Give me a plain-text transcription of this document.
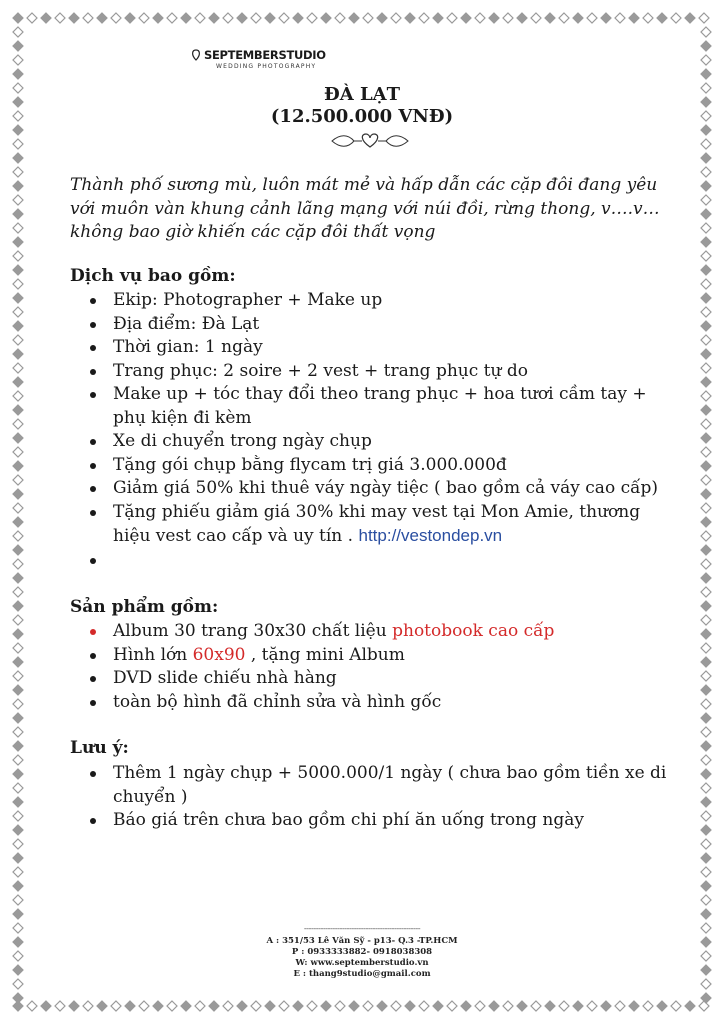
SEPTEMBERSTUDIO
WEDDING PHOTOGRAPHY
ĐÀ LẠT
(12.500.000 VNĐ)
Thành phố sương mù, luôn mát mẻ và hấp dẫn các cặp đôi đang yêu với muôn vàn khung cảnh lãng mạng với núi đồi, rừng thong, v….v… không bao giờ khiến các cặp đôi thất vọng
Dịch vụ bao gồm:
Ekip: Photographer + Make up
Địa điểm: Đà Lạt
Thời gian: 1 ngày
Trang phục: 2 soire + 2 vest + trang phục tự do
Make up + tóc thay đổi theo trang phục + hoa tươi cầm tay + phụ kiện đi kèm
Xe di chuyển trong ngày chụp
Tặng gói chụp bằng flycam trị giá 3.000.000đ
Giảm giá 50% khi thuê váy ngày tiệc ( bao gồm cả váy cao cấp)
Tặng phiếu giảm giá 30% khi may vest tại Mon Amie, thương hiệu vest cao cấp và uy tín . http://vestondep.vn

Sản phẩm gồm:
Album 30 trang 30x30 chất liệu photobook cao cấp
Hình lớn 60x90 , tặng mini Album
DVD slide chiếu nhà hàng
toàn bộ hình đã chỉnh sửa và hình gốc
Lưu ý:
Thêm 1 ngày chụp + 5000.000/1 ngày ( chưa bao gồm tiền xe di chuyển )
Báo giá trên chưa bao gồm chi phí ăn uống trong ngày
-------------------------------------------------
A : 351/53 Lê Văn Sỹ - p13- Q.3 -TP.HCM
P : 0933333882- 0918038308
W: www.septemberstudio.vn
E : thang9studio@gmail.com
